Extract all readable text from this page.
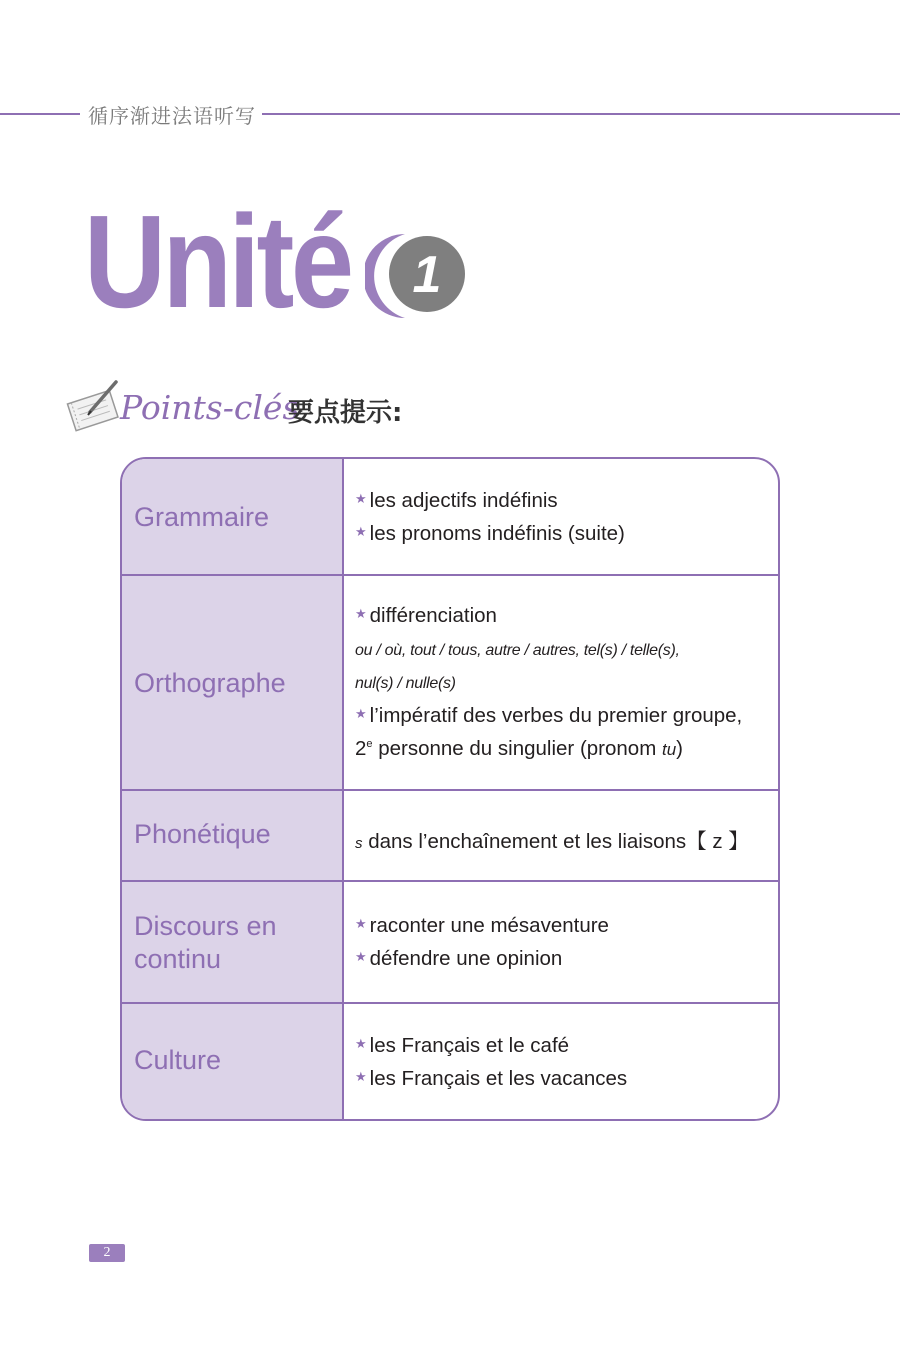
循序渐进法语听写
Unité 1
Points-clés
要点提示:
Grammaire
★ les adjectifs indéfinis
★ les pronoms indéfinis (suite)
Orthographe
★ différenciation
ou / où, tout / tous, autre / autres, tel(s) / telle(s),
nul(s) / nulle(s)
★ l’impératif des verbes du premier groupe,
2e personne du singulier (pronom tu)
Phonétique	s dans l’enchaînement et les liaisons【 z 】
Discours en
continu
★ raconter une mésaventure
★ défendre une opinion
Culture
★ les Français et le café
★ les Français et les vacances
2
